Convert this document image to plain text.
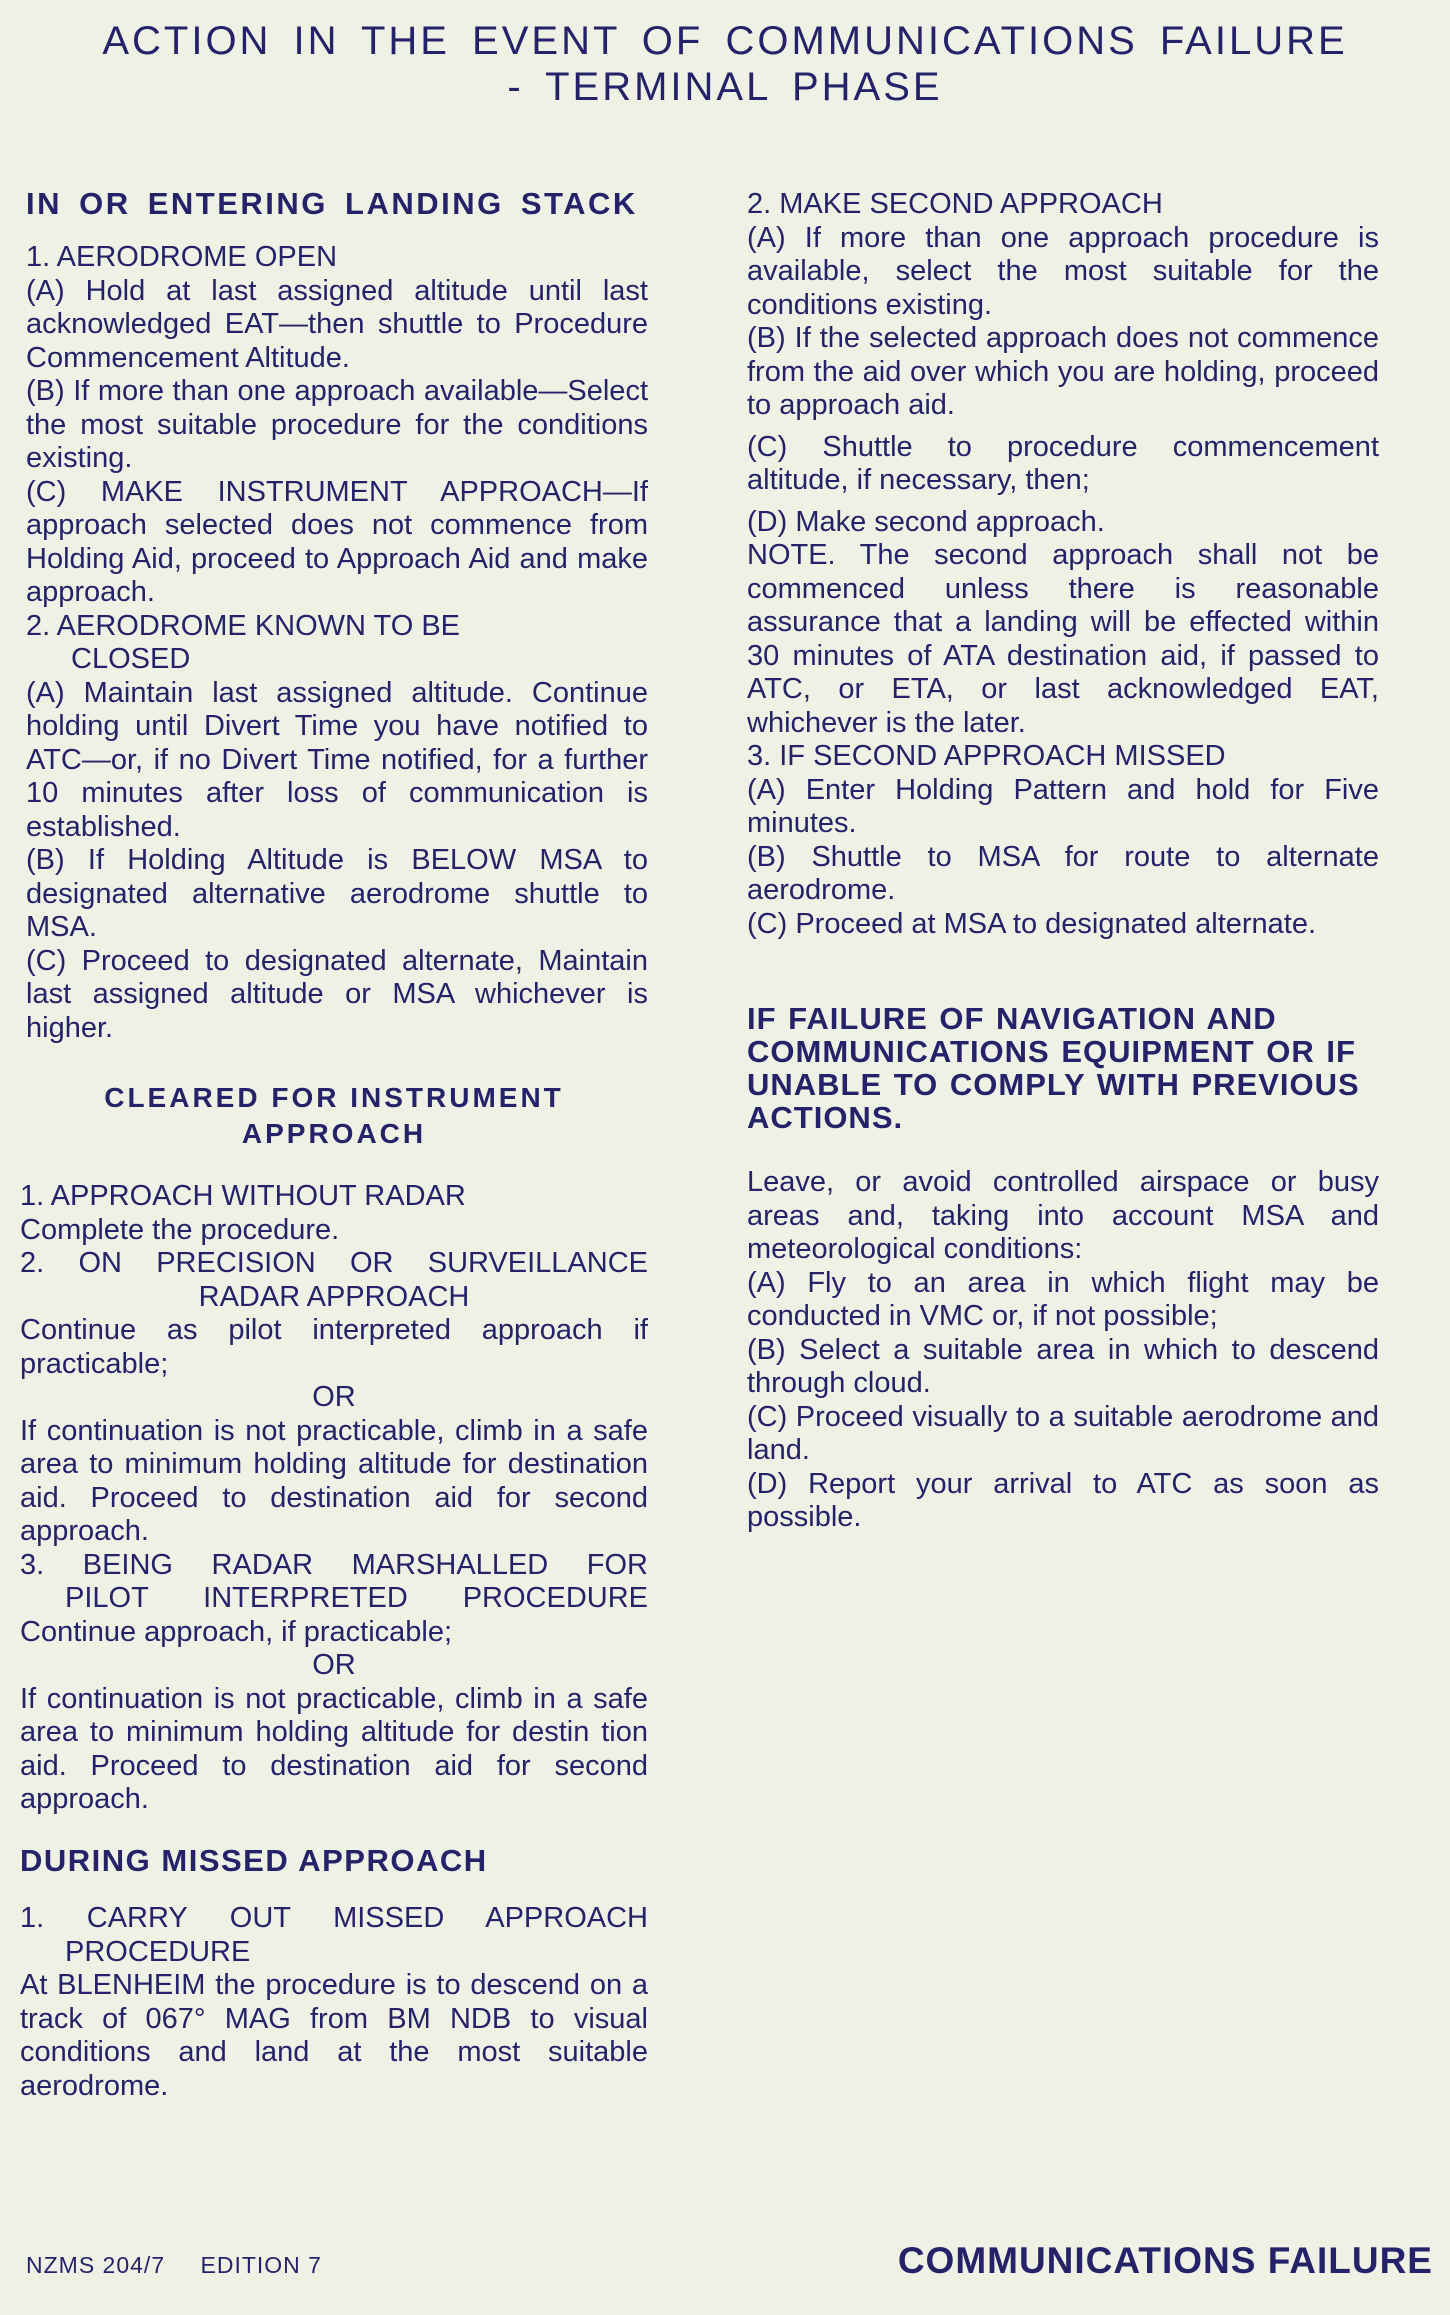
ACTION IN THE EVENT OF COMMUNICATIONS FAILURE
- TERMINAL PHASE
IN OR ENTERING LANDING STACK

1. AERODROME OPEN

(A) Hold at last assigned altitude until last acknowledged EAT—then shuttle to Procedure Commencement Altitude.

(B) If more than one approach available—Select the most suitable procedure for the conditions existing.

(C) MAKE INSTRUMENT APPROACH—If approach selected does not commence from Holding Aid, proceed to Approach Aid and make approach.

2. AERODROME KNOWN TO BE

CLOSED

(A) Maintain last assigned altitude. Continue holding until Divert Time you have notified to ATC—or, if no Divert Time notified, for a further 10 minutes after loss of communication is established.

(B) If Holding Altitude is BELOW MSA to designated alternative aerodrome shuttle to MSA.

(C) Proceed to designated alternate, Maintain last assigned altitude or MSA whichever is higher.

CLEARED FOR INSTRUMENT
APPROACH

1. APPROACH WITHOUT RADAR

Complete the procedure.

2. ON PRECISION OR SURVEILLANCE

RADAR APPROACH

Continue as pilot interpreted approach if practicable;

OR

If continuation is not practicable, climb in a safe area to minimum holding altitude for destination aid. Proceed to destination aid for second approach.

3. BEING RADAR MARSHALLED FOR

PILOT INTERPRETED PROCEDURE

Continue approach, if practicable;

OR

If continuation is not practicable, climb in a safe area to minimum holding altitude for destin tion aid. Proceed to destination aid for second approach.

DURING MISSED APPROACH

1. CARRY OUT MISSED APPROACH

PROCEDURE

At BLENHEIM the procedure is to descend on a track of 067° MAG from BM NDB to visual conditions and land at the most suitable aerodrome.

2. MAKE SECOND APPROACH

(A) If more than one approach procedure is available, select the most suitable for the conditions existing.

(B) If the selected approach does not commence from the aid over which you are holding, proceed to approach aid.

(C) Shuttle to procedure commencement altitude, if necessary, then;

(D) Make second approach.

NOTE. The second approach shall not be commenced unless there is reasonable assurance that a landing will be effected within 30 minutes of ATA destination aid, if passed to ATC, or ETA, or last acknowledged EAT, whichever is the later.

3. IF SECOND APPROACH MISSED

(A) Enter Holding Pattern and hold for Five minutes.

(B) Shuttle to MSA for route to alternate aerodrome.

(C) Proceed at MSA to designated alternate.

IF FAILURE OF NAVIGATION AND COMMUNICATIONS EQUIPMENT OR IF UNABLE TO COMPLY WITH PREVIOUS ACTIONS.

Leave, or avoid controlled airspace or busy areas and, taking into account MSA and meteorological conditions:

(A) Fly to an area in which flight may be conducted in VMC or, if not possible;

(B) Select a suitable area in which to descend through cloud.

(C) Proceed visually to a suitable aerodrome and land.

(D) Report your arrival to ATC as soon as possible.

NZMS 204/7 EDITION 7	COMMUNICATIONS FAILURE
